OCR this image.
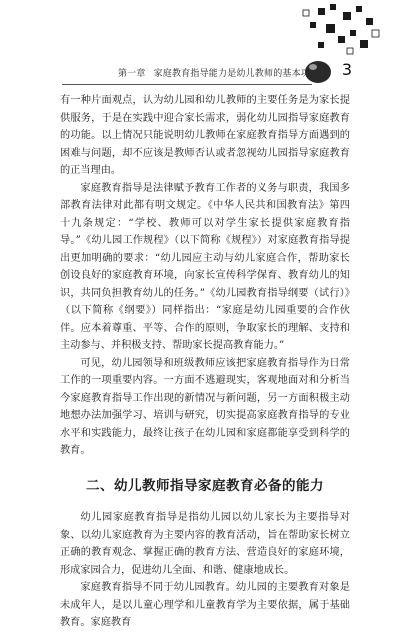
第一章 家庭教育指导能力是幼儿教师的基本功 3

有一种片面观点，认为幼儿园和幼儿教师的主要任务是为家长提供服务，于是在实践中迎合家长需求，弱化幼儿园指导家庭教育的功能。以上情况只能说明幼儿教师在家庭教育指导方面遇到的困难与问题，却不应该是教师否认或者忽视幼儿园指导家庭教育的正当理由。

家庭教育指导是法律赋予教育工作者的义务与职责，我国多部教育法律对此都有明文规定。《中华人民共和国教育法》第四十九条规定：“学校、教师可以对学生家长提供家庭教育指导。”《幼儿园工作规程》（以下简称《规程》）对家庭教育指导提出更加明确的要求：“幼儿园应主动与幼儿家庭合作，帮助家长创设良好的家庭教育环境，向家长宣传科学保育、教育幼儿的知识，共同负担教育幼儿的任务。”《幼儿园教育指导纲要（试行）》（以下简称《纲要》）同样指出：“家庭是幼儿园重要的合作伙伴。应本着尊重、平等、合作的原则，争取家长的理解、支持和主动参与、并积极支持、帮助家长提高教育能力。”

可见，幼儿园领导和班级教师应该把家庭教育指导作为日常工作的一项重要内容。一方面不逃避现实，客观地面对和分析当今家庭教育指导工作出现的新情况与新问题，另一方面积极主动地想办法加强学习、培训与研究，切实提高家庭教育指导的专业水平和实践能力，最终让孩子在幼儿园和家庭都能享受到科学的教育。

二、幼儿教师指导家庭教育必备的能力

幼儿园家庭教育指导是指幼儿园以幼儿家长为主要指导对象、以幼儿家庭教育为主要内容的教育活动，旨在帮助家长树立正确的教育观念、掌握正确的教育方法、营造良好的家庭环境，形成家园合力，促进幼儿全面、和谐、健康地成长。

家庭教育指导不同于幼儿园教育。幼儿园的主要教育对象是未成年人，是以儿童心理学和儿童教育学为主要依据，属于基础教育。家庭教育
